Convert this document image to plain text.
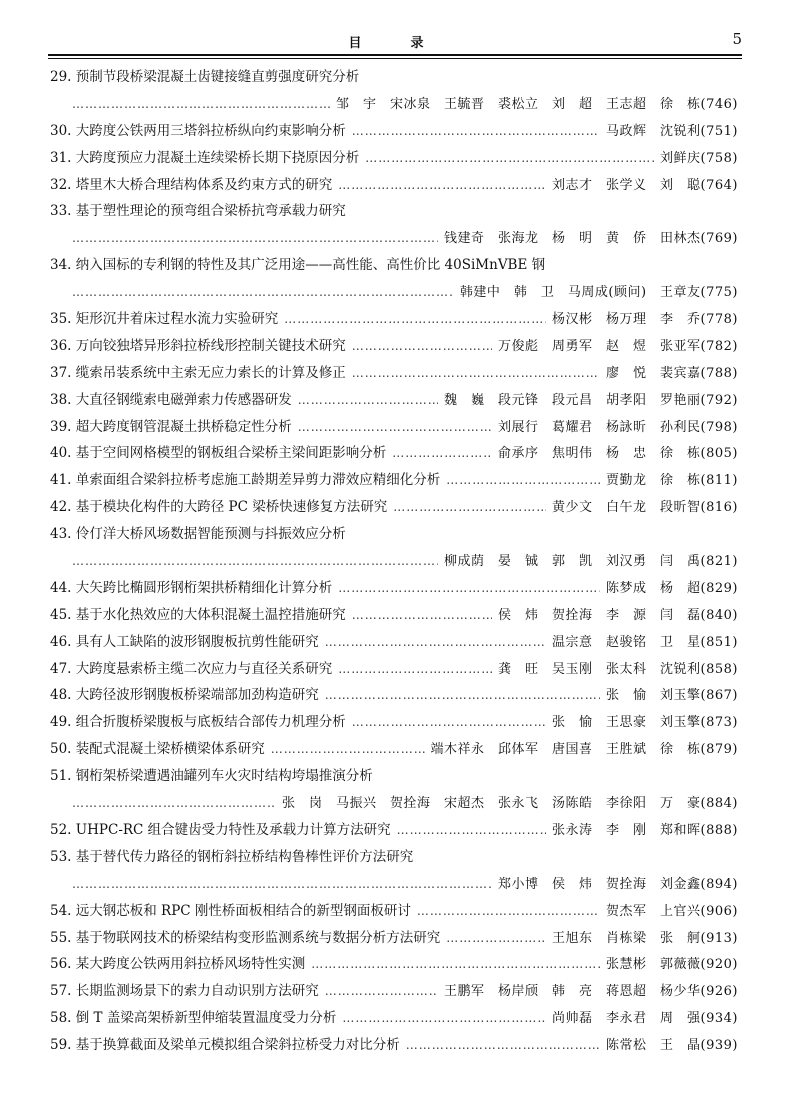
目　录	5
29. 预制节段桥梁混凝土齿键接缝直剪强度研究分析
……………………………………………………………………………………………………………………………………………………………………………………………………………………………
邹　宇　宋冰泉　王毓晋　裘松立　刘　超　王志超　徐　栋(746)
30. 大跨度公铁两用三塔斜拉桥纵向约束影响分析 ……………………………………………………………………………………………………………………………………………………………………………………………………………………………	马政辉　沈锐利(751)
31. 大跨度预应力混凝土连续梁桥长期下挠原因分析 ……………………………………………………………………………………………………………………………………………………………………………………………………………………………	刘鲜庆(758)
32. 塔里木大桥合理结构体系及约束方式的研究 ……………………………………………………………………………………………………………………………………………………………………………………………………………………………	刘志才　张学义　刘　聪(764)
33. 基于塑性理论的预弯组合梁桥抗弯承载力研究
……………………………………………………………………………………………………………………………………………………………………………………………………………………………
钱建奇　张海龙　杨　明　黄　侨　田林杰(769)
34. 纳入国标的专利钢的特性及其广泛用途——高性能、高性价比 40SiMnVBE 钢
……………………………………………………………………………………………………………………………………………………………………………………………………………………………
韩建中　韩　卫　马周成(顾问)　王章友(775)
35. 矩形沉井着床过程水流力实验研究 ……………………………………………………………………………………………………………………………………………………………………………………………………………………………	杨汉彬　杨万理　李　乔(778)
36. 万向铰独塔异形斜拉桥线形控制关键技术研究 ……………………………………………………………………………………………………………………………………………………………………………………………………………………………	万俊彪　周勇军　赵　煜　张亚军(782)
37. 缆索吊装系统中主索无应力索长的计算及修正 ……………………………………………………………………………………………………………………………………………………………………………………………………………………………	廖　悦　裴宾嘉(788)
38. 大直径钢缆索电磁弹索力传感器研发 ……………………………………………………………………………………………………………………………………………………………………………………………………………………………	魏　巍　段元锋　段元昌　胡孝阳　罗艳丽(792)
39. 超大跨度钢管混凝土拱桥稳定性分析 ……………………………………………………………………………………………………………………………………………………………………………………………………………………………	刘展行　葛耀君　杨詠昕　孙利民(798)
40. 基于空间网格模型的钢板组合梁桥主梁间距影响分析 ……………………………………………………………………………………………………………………………………………………………………………………………………………………………	俞承序　焦明伟　杨　忠　徐　栋(805)
41. 单索面组合梁斜拉桥考虑施工龄期差异剪力滞效应精细化分析 ……………………………………………………………………………………………………………………………………………………………………………………………………………………………	贾勤龙　徐　栋(811)
42. 基于模块化构件的大跨径 PC 梁桥快速修复方法研究 ……………………………………………………………………………………………………………………………………………………………………………………………………………………………	黄少文　白午龙　段昕智(816)
43. 伶仃洋大桥风场数据智能预测与抖振效应分析
……………………………………………………………………………………………………………………………………………………………………………………………………………………………
柳成荫　晏　铖　郭　凯　刘汉勇　闫　禹(821)
44. 大矢跨比椭圆形钢桁架拱桥精细化计算分析 ……………………………………………………………………………………………………………………………………………………………………………………………………………………………	陈梦成　杨　超(829)
45. 基于水化热效应的大体积混凝土温控措施研究 ……………………………………………………………………………………………………………………………………………………………………………………………………………………………	侯　炜　贺拴海　李　源　闫　磊(840)
46. 具有人工缺陷的波形钢腹板抗剪性能研究 ……………………………………………………………………………………………………………………………………………………………………………………………………………………………	温宗意　赵骏铭　卫　星(851)
47. 大跨度悬索桥主缆二次应力与直径关系研究 ……………………………………………………………………………………………………………………………………………………………………………………………………………………………	龚　旺　吴玉刚　张太科　沈锐利(858)
48. 大跨径波形钢腹板桥梁端部加劲构造研究 ……………………………………………………………………………………………………………………………………………………………………………………………………………………………	张　愉　刘玉擎(867)
49. 组合折腹桥梁腹板与底板结合部传力机理分析 ……………………………………………………………………………………………………………………………………………………………………………………………………………………………	张　愉　王思豪　刘玉擎(873)
50. 装配式混凝土梁桥横梁体系研究 ……………………………………………………………………………………………………………………………………………………………………………………………………………………………	端木祥永　邱体军　唐国喜　王胜斌　徐　栋(879)
51. 钢桁架桥梁遭遇油罐列车火灾时结构垮塌推演分析
……………………………………………………………………………………………………………………………………………………………………………………………………………………………
张　岗　马振兴　贺拴海　宋超杰　张永飞　汤陈皓　李徐阳　万　豪(884)
52. UHPC-RC 组合键齿受力特性及承载力计算方法研究 ……………………………………………………………………………………………………………………………………………………………………………………………………………………………	张永涛　李　刚　郑和晖(888)
53. 基于替代传力路径的钢桁斜拉桥结构鲁棒性评价方法研究
……………………………………………………………………………………………………………………………………………………………………………………………………………………………
郑小博　侯　炜　贺拴海　刘金鑫(894)
54. 远大钢芯板和 RPC 刚性桥面板相结合的新型钢面板研讨 ……………………………………………………………………………………………………………………………………………………………………………………………………………………………	贺杰军　上官兴(906)
55. 基于物联网技术的桥梁结构变形监测系统与数据分析方法研究 ……………………………………………………………………………………………………………………………………………………………………………………………………………………………	王旭东　肖栋梁　张　舸(913)
56. 某大跨度公铁两用斜拉桥风场特性实测 ……………………………………………………………………………………………………………………………………………………………………………………………………………………………	张慧彬　郭薇薇(920)
57. 长期监测场景下的索力自动识别方法研究 ……………………………………………………………………………………………………………………………………………………………………………………………………………………………	王鹏军　杨岸颀　韩　亮　蒋恩超　杨少华(926)
58. 倒 T 盖梁高架桥新型伸缩装置温度受力分析 ……………………………………………………………………………………………………………………………………………………………………………………………………………………………	尚帅磊　李永君　周　强(934)
59. 基于换算截面及梁单元模拟组合梁斜拉桥受力对比分析 ……………………………………………………………………………………………………………………………………………………………………………………………………………………………	陈常松　王　晶(939)
